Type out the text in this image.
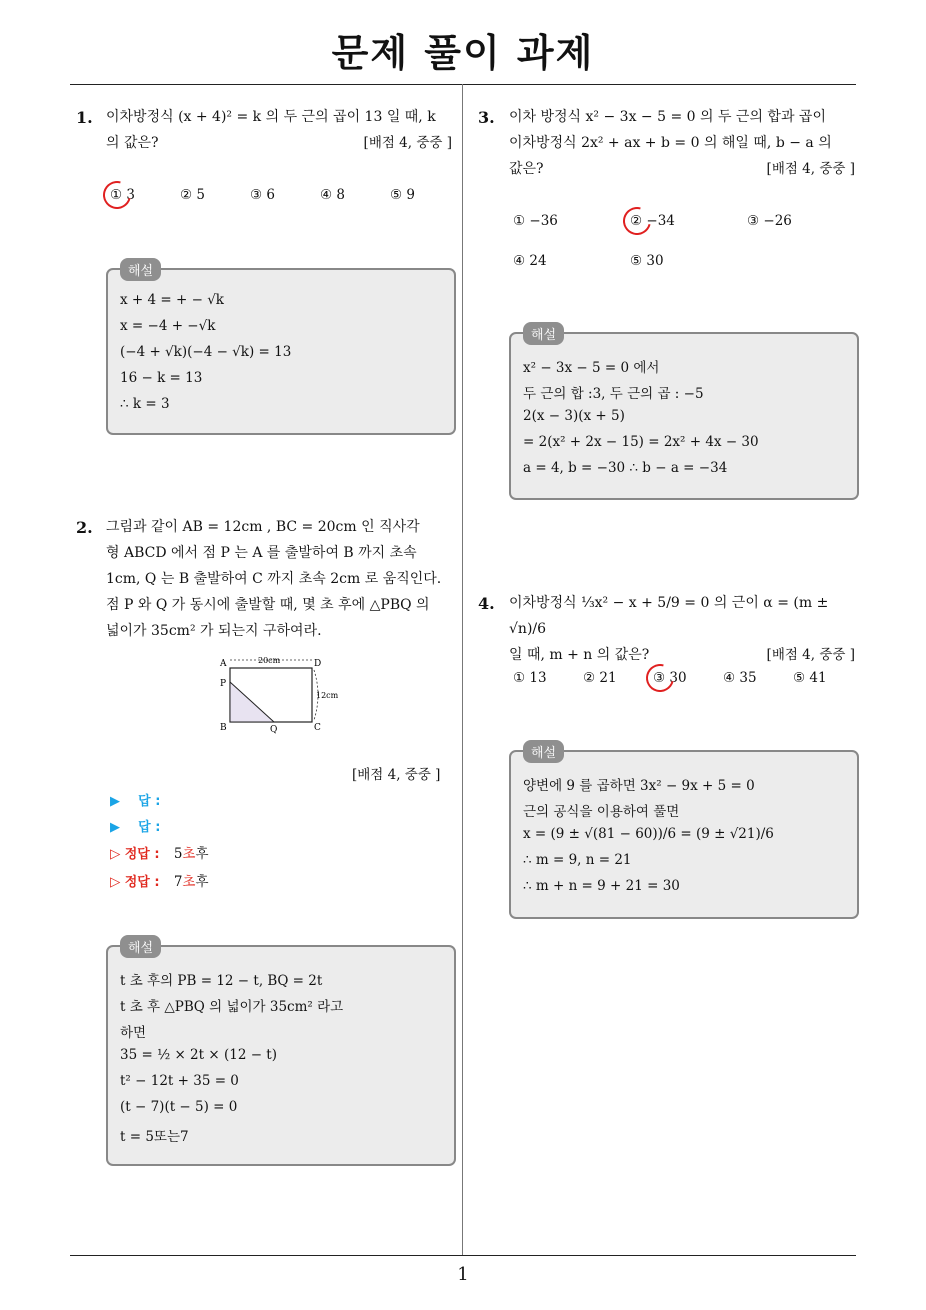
문제 풀이 과제
1. 이차방정식 (x + 4)² = k 의 두 근의 곱이 13 일 때, k
의 값은?	[배점 4, 중중 ]
① 3	② 5	③ 6	④ 8	⑤ 9
해설
x + 4 = + − √k
x = −4 + −√k
(−4 + √k)(−4 − √k) = 13
16 − k = 13
∴ k = 3
2. 그림과 같이 AB = 12cm , BC = 20cm 인 직사각
형 ABCD 에서 점 P 는 A 를 출발하여 B 까지 초속
1cm, Q 는 B 출발하여 C 까지 초속 2cm 로 움직인다.
점 P 와 Q 가 동시에 출발할 때, 몇 초 후에 △PBQ 의
넓이가 35cm² 가 되는지 구하여라.
A	D
P
B	Q	C
20cm
12cm
[배점 4, 중중 ]
▶ 답 :
▶ 답 :
▷ 정답 : 5초후
▷ 정답 : 7초후
해설
t 초 후의 PB = 12 − t, BQ = 2t
t 초 후 △PBQ 의 넓이가 35cm² 라고
하면
35 = ½ × 2t × (12 − t)
t² − 12t + 35 = 0
(t − 7)(t − 5) = 0
t = 5또는7
3. 이차 방정식 x² − 3x − 5 = 0 의 두 근의 합과 곱이
이차방정식 2x² + ax + b = 0 의 해일 때, b − a 의
값은?	[배점 4, 중중 ]
① −36	② −34	③ −26
④ 24	⑤ 30
해설
x² − 3x − 5 = 0 에서
두 근의 합 :3, 두 근의 곱 : −5
2(x − 3)(x + 5)
= 2(x² + 2x − 15) = 2x² + 4x − 30
a = 4, b = −30 ∴ b − a = −34
4. 이차방정식 ⅓x² − x + 5/9 = 0 의 근이 α = (m ± √n)/6
일 때, m + n 의 값은?	[배점 4, 중중 ]
① 13	② 21	③ 30	④ 35	⑤ 41
해설
양변에 9 를 곱하면 3x² − 9x + 5 = 0
근의 공식을 이용하여 풀면
x = (9 ± √(81 − 60))/6 = (9 ± √21)/6
∴ m = 9, n = 21
∴ m + n = 9 + 21 = 30
1
